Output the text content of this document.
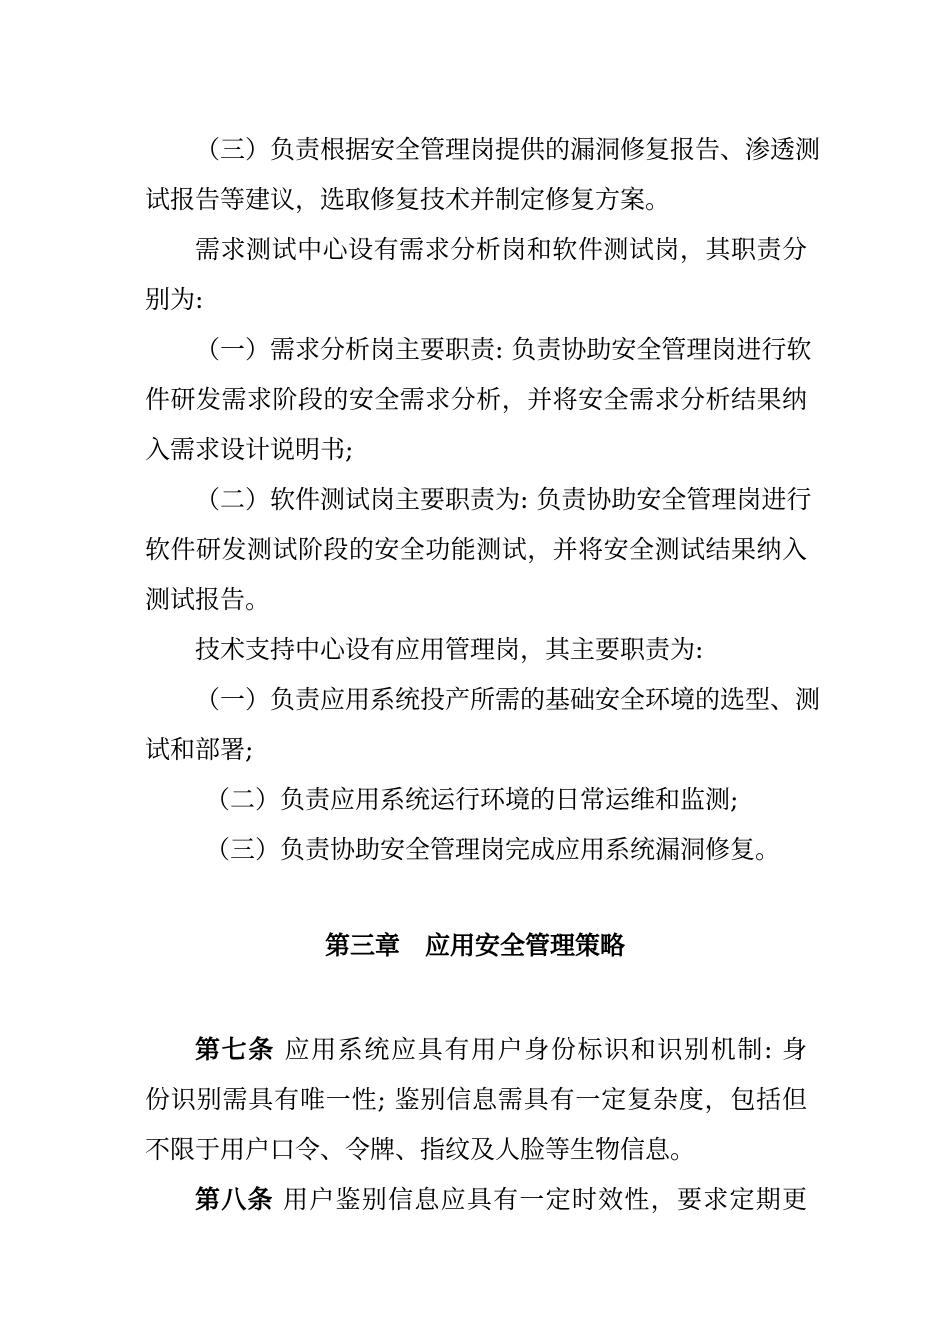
（三）负责根据安全管理岗提供的漏洞修复报告、渗透测
试报告等建议，选取修复技术并制定修复方案。
需求测试中心设有需求分析岗和软件测试岗，其职责分
别为:
（一）需求分析岗主要职责: 负责协助安全管理岗进行软
件研发需求阶段的安全需求分析，并将安全需求分析结果纳
入需求设计说明书;
（二）软件测试岗主要职责为: 负责协助安全管理岗进行
软件研发测试阶段的安全功能测试，并将安全测试结果纳入
测试报告。
技术支持中心设有应用管理岗，其主要职责为:
（一）负责应用系统投产所需的基础安全环境的选型、测
试和部署;
（二）负责应用系统运行环境的日常运维和监测;
（三）负责协助安全管理岗完成应用系统漏洞修复。
第三章　应用安全管理策略
第七条 应用系统应具有用户身份标识和识别机制: 身
份识别需具有唯一性; 鉴别信息需具有一定复杂度，包括但
不限于用户口令、令牌、指纹及人脸等生物信息。
第八条 用户鉴别信息应具有一定时效性，要求定期更
